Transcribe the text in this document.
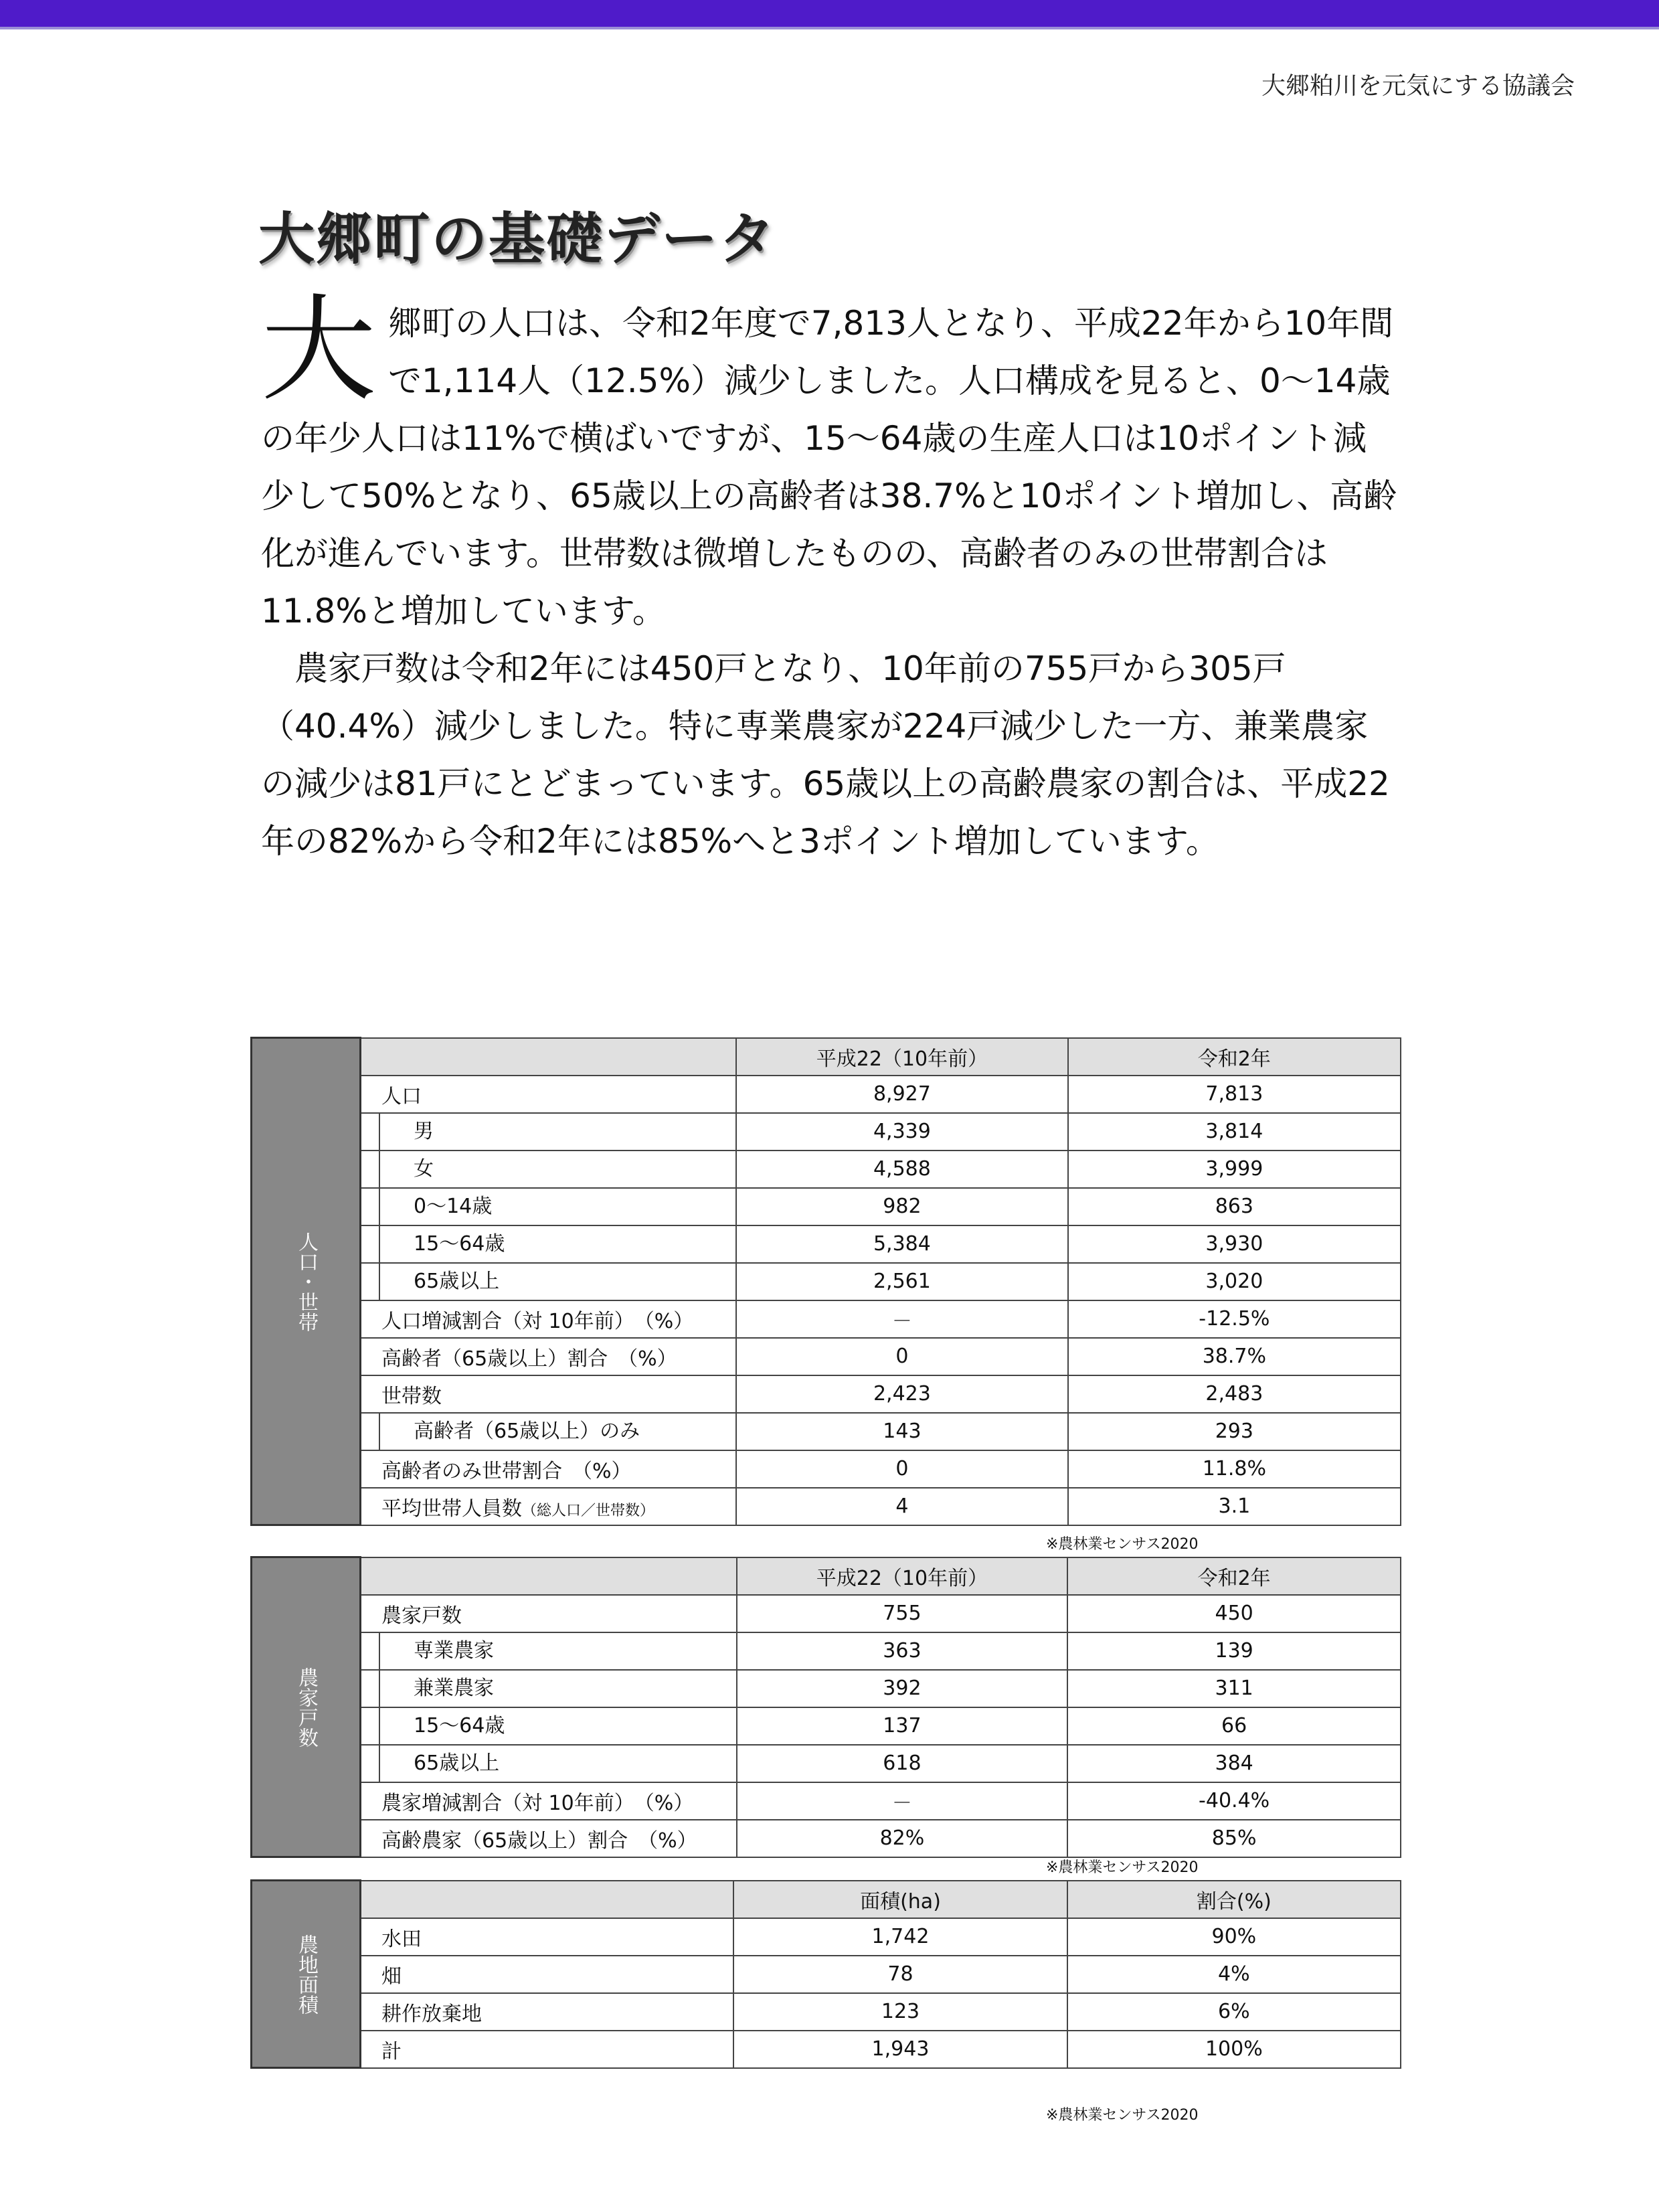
大郷粕川を元気にする協議会
大郷町の基礎データ
大 郷町の人口は、令和2年度で7,813人となり、平成22年から10年間で1,114人（12.5%）減少しました。人口構成を見ると、0〜14歳の年少人口は11%で横ばいですが、15〜64歳の生産人口は10ポイント減少して50%となり、65歳以上の高齢者は38.7%と10ポイント増加し、高齢化が進んでいます。世帯数は微増したものの、高齢者のみの世帯割合は11.8%と増加しています。

農家戸数は令和2年には450戸となり、10年前の755戸から305戸（40.4%）減少しました。特に専業農家が224戸減少した一方、兼業農家の減少は81戸にとどまっています。65歳以上の高齢農家の割合は、平成22年の82%から令和2年には85%へと3ポイント増加しています。

人口・世帯		平成22（10年前）	令和2年
	人口	8,927	7,813
	男	4,339	3,814
	女	4,588	3,999
	0〜14歳	982	863
	15〜64歳	5,384	3,930
	65歳以上	2,561	3,020
	人口増減割合（対 10年前）　（%）	－	-12.5%
	高齢者（65歳以上）割合　（%）	0	38.7%
	世帯数	2,423	2,483
	高齢者（65歳以上）のみ	143	293
	高齢者のみ世帯割合　（%）	0	11.8%
	平均世帯人員数（総人口／世帯数）	4	3.1
※農林業センサス2020
農家戸数		平成22（10年前）	令和2年
	農家戸数	755	450
	専業農家	363	139
	兼業農家	392	311
	15〜64歳	137	66
	65歳以上	618	384
	農家増減割合（対 10年前）　（%）	－	-40.4%
	高齢農家（65歳以上）割合　（%）	82%	85%
※農林業センサス2020
農地面積		面積(ha)	割合(%)
	水田	1,742	90%
	畑	78	4%
	耕作放棄地	123	6%
	計	1,943	100%
※農林業センサス2020
